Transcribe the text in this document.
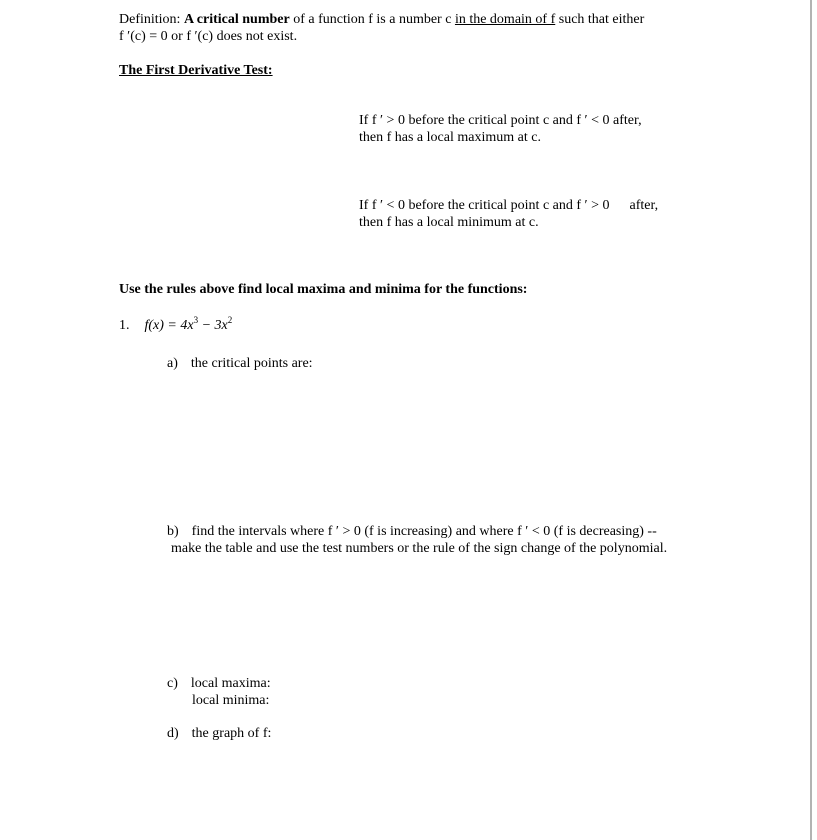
Definition: A critical number of a function f is a number c in the domain of f such that either
f ′(c) = 0 or f ′(c) does not exist.
The First Derivative Test:
If f ′ > 0 before the critical point c and f ′ < 0 after,
then f has a local maximum at c.
If f ′ < 0 before the critical point c and f ′ > 0 after,
then f has a local minimum at c.
Use the rules above find local maxima and minima for the functions:
1. $f(x) = 4x^3 - 3x^2$
a) the critical points are:
b) find the intervals where f ′ > 0 (f is increasing) and where f ′ < 0 (f is decreasing) --
make the table and use the test numbers or the rule of the sign change of the polynomial.
c) local maxima:
local minima:
d) the graph of f:
